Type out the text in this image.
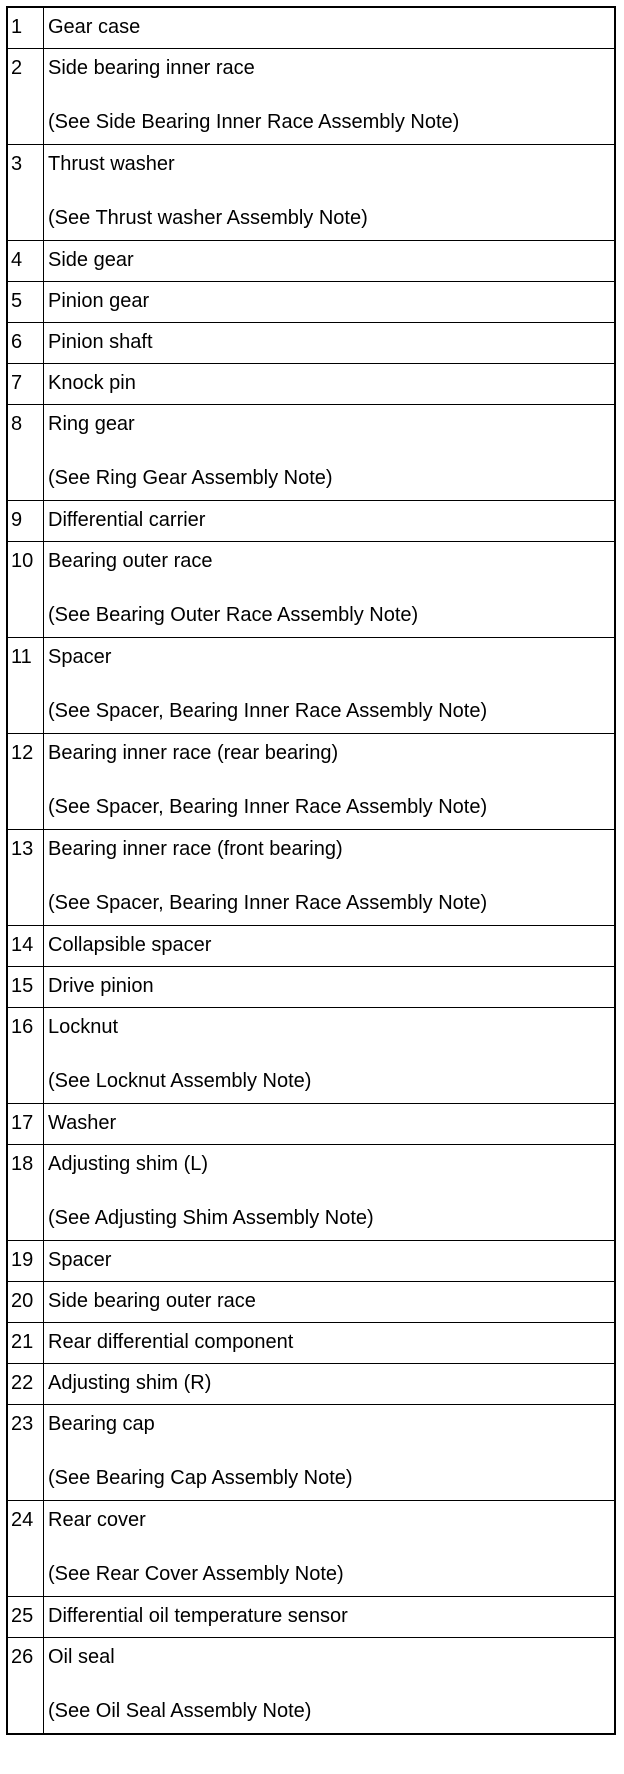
1	Gear case

2	Side bearing inner race
(See Side Bearing Inner Race Assembly Note)

3	Thrust washer
(See Thrust washer Assembly Note)

4	Side gear

5	Pinion gear

6	Pinion shaft

7	Knock pin

8	Ring gear
(See Ring Gear Assembly Note)

9	Differential carrier

10	Bearing outer race
(See Bearing Outer Race Assembly Note)

11	Spacer
(See Spacer, Bearing Inner Race Assembly Note)

12	Bearing inner race (rear bearing)
(See Spacer, Bearing Inner Race Assembly Note)

13	Bearing inner race (front bearing)
(See Spacer, Bearing Inner Race Assembly Note)

14	Collapsible spacer

15	Drive pinion

16	Locknut
(See Locknut Assembly Note)

17	Washer

18	Adjusting shim (L)
(See Adjusting Shim Assembly Note)

19	Spacer

20	Side bearing outer race

21	Rear differential component

22	Adjusting shim (R)

23	Bearing cap
(See Bearing Cap Assembly Note)

24	Rear cover
(See Rear Cover Assembly Note)

25	Differential oil temperature sensor

26	Oil seal
(See Oil Seal Assembly Note)
